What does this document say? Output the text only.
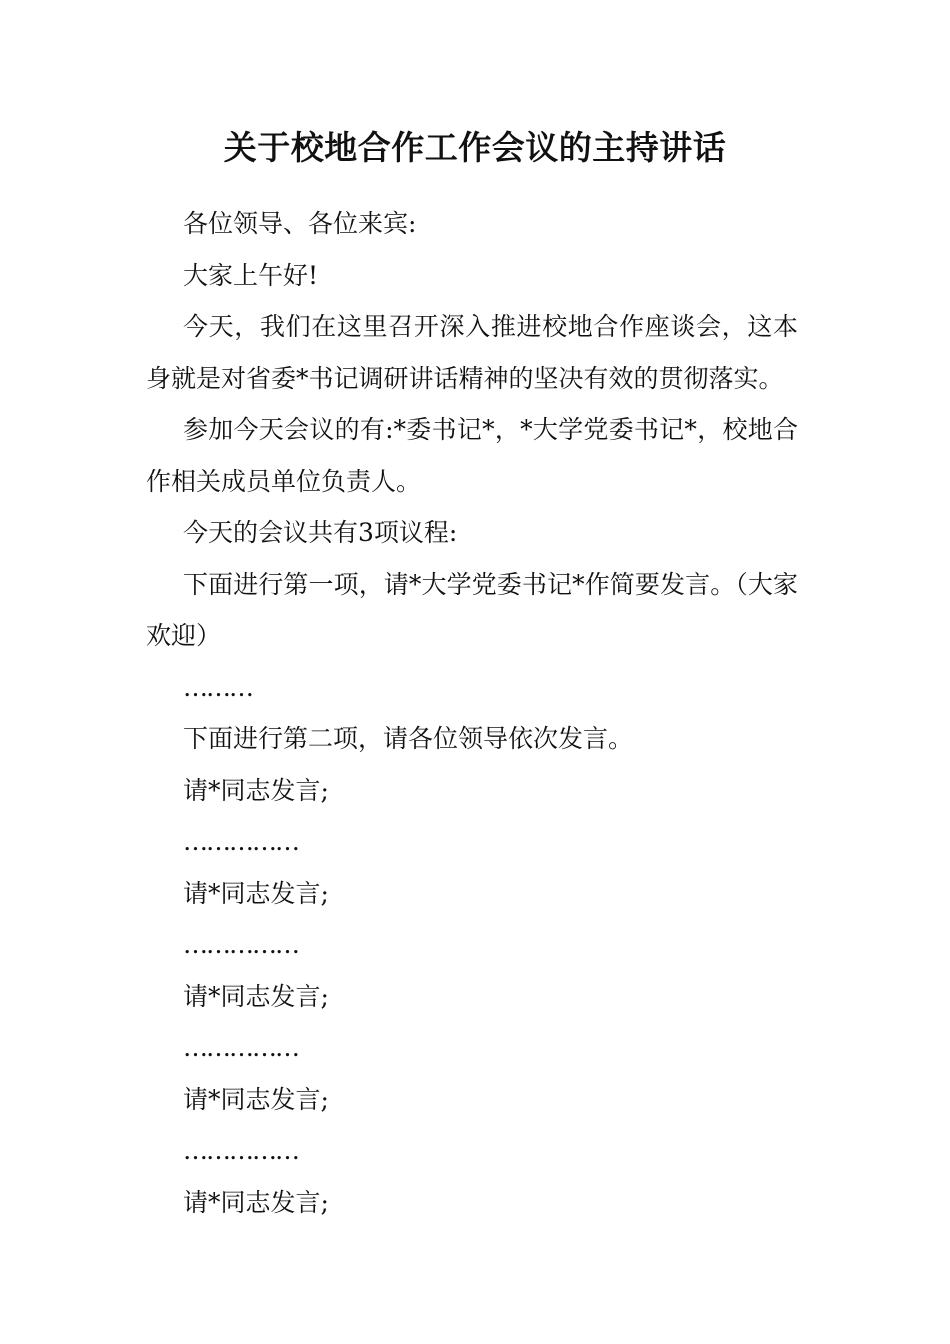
关于校地合作工作会议的主持讲话

各位领导、各位来宾:

大家上午好!

今天，我们在这里召开深入推进校地合作座谈会，这本身就是对省委*书记调研讲话精神的坚决有效的贯彻落实。

参加今天会议的有:*委书记*，*大学党委书记*，校地合作相关成员单位负责人。

今天的会议共有3项议程:

下面进行第一项，请*大学党委书记*作简要发言。（大家欢迎）

………

下面进行第二项，请各位领导依次发言。

请*同志发言;

……………

请*同志发言;

……………

请*同志发言;

……………

请*同志发言;

……………

请*同志发言;
